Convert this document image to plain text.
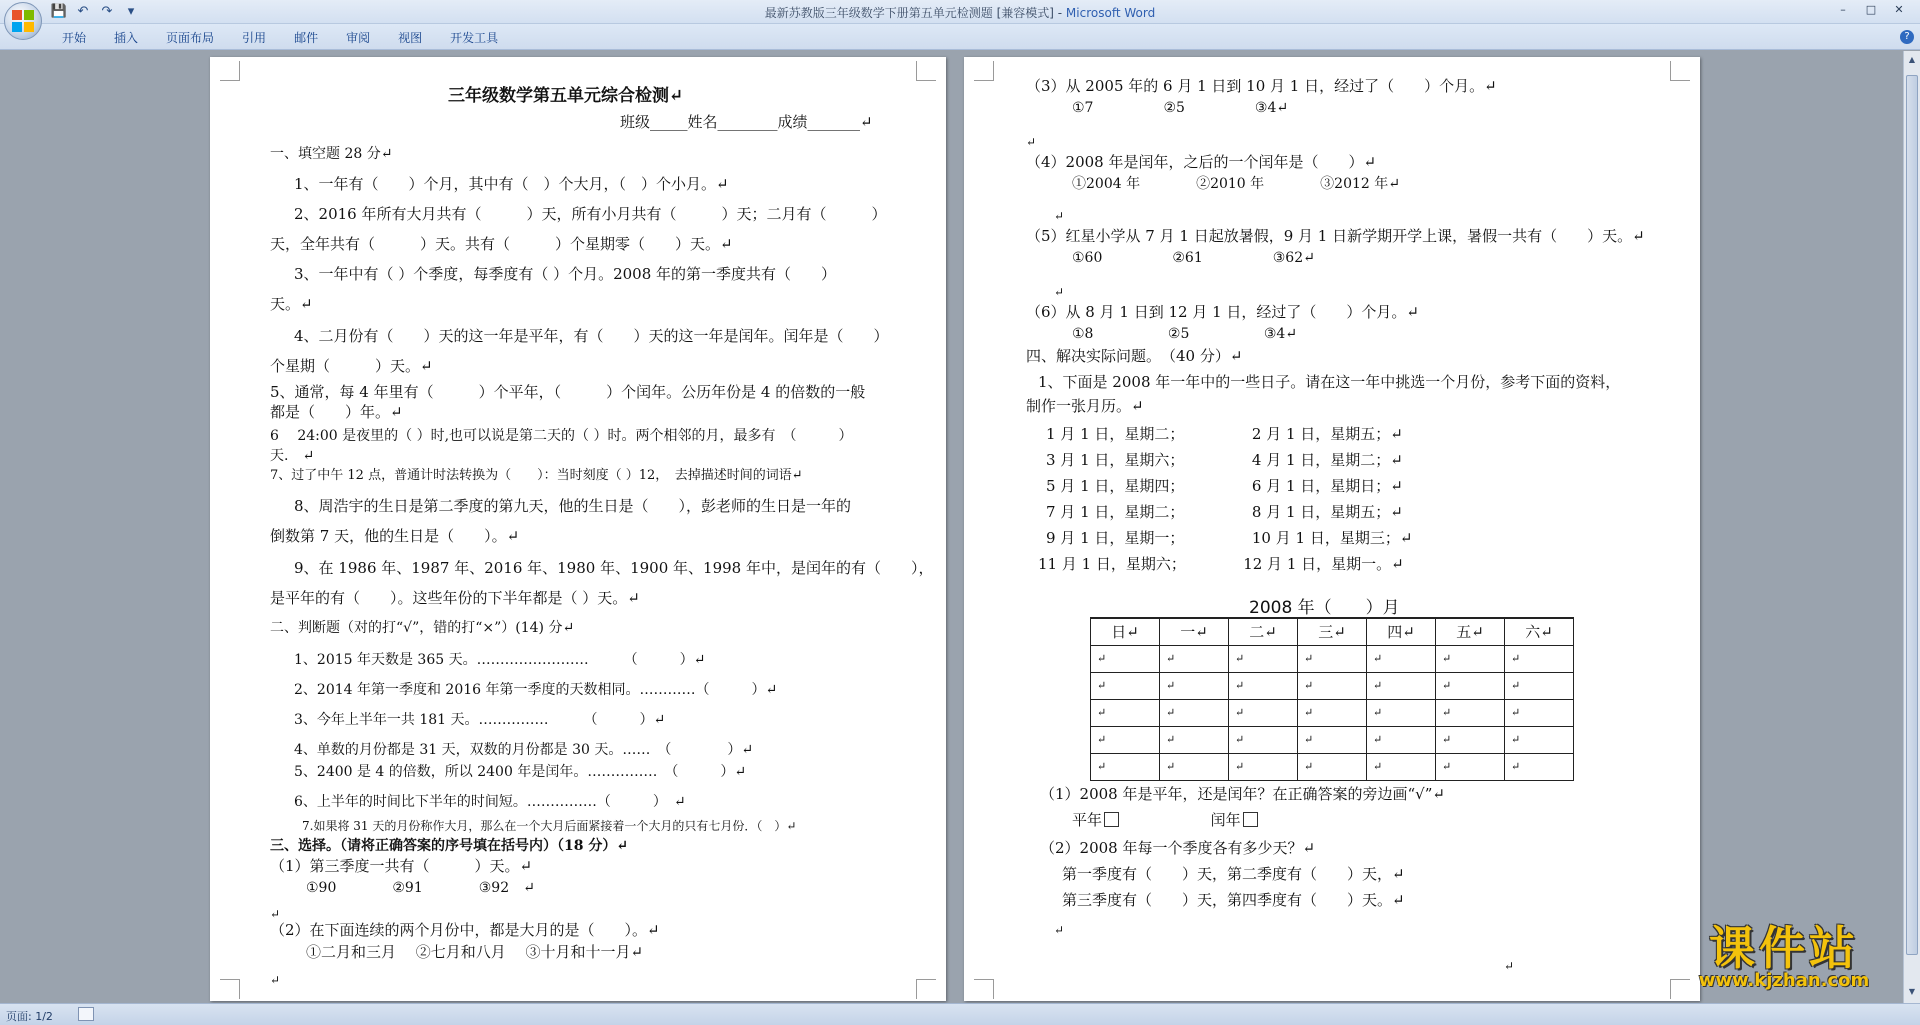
💾 ↶ ↷	▾	最新苏教版三年级数学下册第五单元检测题 [兼容模式] - Microsoft Word	–	□	✕
开始	插入	页面布局	引用	邮件	审阅	视图	开发工具	?
三年级数学第五单元综合检测↵
班级_____姓名________成绩_______↵
一、填空题 28 分↵
1、一年有（　　）个月，其中有（　）个大月，（　）个小月。↵
2、2016 年所有大月共有（　　　）天，所有小月共有（　　　）天；二月有（　　　）
天，全年共有（　　　）天。共有（　　　）个星期零（　　）天。↵
3、一年中有（ ）个季度，每季度有（ ）个月。2008 年的第一季度共有（　　）
天。↵
4、二月份有（　　）天的这一年是平年，有（　　）天的这一年是闰年。闰年是（　　）
个星期（　　　）天。↵
5、通常，每 4 年里有（　　　）个平年，（　　　）个闰年。公历年份是 4 的倍数的一般
都是（　　）年。↵
6　 24:00 是夜里的（ ）时,也可以说是第二天的（ ）时。两个相邻的月，最多有　（　　　）
天.　↵
7、过了中午 12 点，普通计时法转换为（　　）：当时刻度（ ）12，　去掉描述时间的词语↵
8、周浩宇的生日是第二季度的第九天，他的生日是（　　），彭老师的生日是一年的
倒数第 7 天，他的生日是（　　）。↵
9、在 1986 年、1987 年、2016 年、1980 年、1900 年、1998 年中，是闰年的有（　　），
是平年的有（　　）。这些年份的下半年都是（ ）天。↵
二、判断题（对的打“√”，错的打“×”）(14) 分↵
1、2015 年天数是 365 天。……………………　　　（　　　）↵
2、2014 年第一季度和 2016 年第一季度的天数相同。…………（　　　）↵
3、今年上半年一共 181 天。……………　　　（　　　）↵
4、单数的月份都是 31 天，双数的月份都是 30 天。……　（　　　　）↵
5、2400 是 4 的倍数，所以 2400 年是闰年。……………　（　　　）↵
6、上半年的时间比下半年的时间短。……………（　　　）　↵
7.如果将 31 天的月份称作大月，那么在一个大月后面紧接着一个大月的只有七月份．（　）↵
三、选择。（请将正确答案的序号填在括号内）（18 分）↵
（1）第三季度一共有（　　　）天。↵
①90　　　　②91　　　　③92　↵
↵
（2）在下面连续的两个月份中，都是大月的是（　　）。↵
①二月和三月　 ②七月和八月　 ③十月和十一月↵
↵
（3）从 2005 年的 6 月 1 日到 10 月 1 日，经过了（　　）个月。↵
①7　　　　　②5　　　　　③4↵
↵
（4）2008 年是闰年，之后的一个闰年是（　　）↵
①2004 年　　　　②2010 年　　　　③2012 年↵
↵
（5）红星小学从 7 月 1 日起放暑假，9 月 1 日新学期开学上课，暑假一共有（　　）天。↵
①60　　　　　②61　　　　　③62↵
↵
（6）从 8 月 1 日到 12 月 1 日，经过了（　　）个月。↵
①8　　　　　 ②5　　　　　 ③4↵
四、解决实际问题。　（40 分）↵
1、下面是 2008 年一年中的一些日子。请在这一年中挑选一个月份，参考下面的资料，
制作一张月历。↵
1 月 1 日，星期二；　　　　　2 月 1 日，星期五；↵
3 月 1 日，星期六；　　　　　4 月 1 日，星期二；↵
5 月 1 日，星期四；　　　　　6 月 1 日，星期日；↵
7 月 1 日，星期二；　　　　　8 月 1 日，星期五；↵
9 月 1 日，星期一；　　　　　10 月 1 日，星期三；↵
11 月 1 日，星期六；　　　　 12 月 1 日，星期一。↵
（1）2008 年是平年，还是闰年？在正确答案的旁边画“√”↵
（2）2008 年每一个季度各有多少天？↵
第一季度有（　　）天，第二季度有（　　）天，↵
第三季度有（　　）天，第四季度有（　　）天。↵
↵
↵
2008 年（　　）月
日↵	一↵	二↵	三↵	四↵	五↵	六↵
↵	↵	↵	↵	↵	↵	↵
↵	↵	↵	↵	↵	↵	↵
↵	↵	↵	↵	↵	↵	↵
↵	↵	↵	↵	↵	↵	↵
↵	↵	↵	↵	↵	↵	↵
平年	闰年
▲
▼
页面: 1/2
课件站
www.kjzhan.com
